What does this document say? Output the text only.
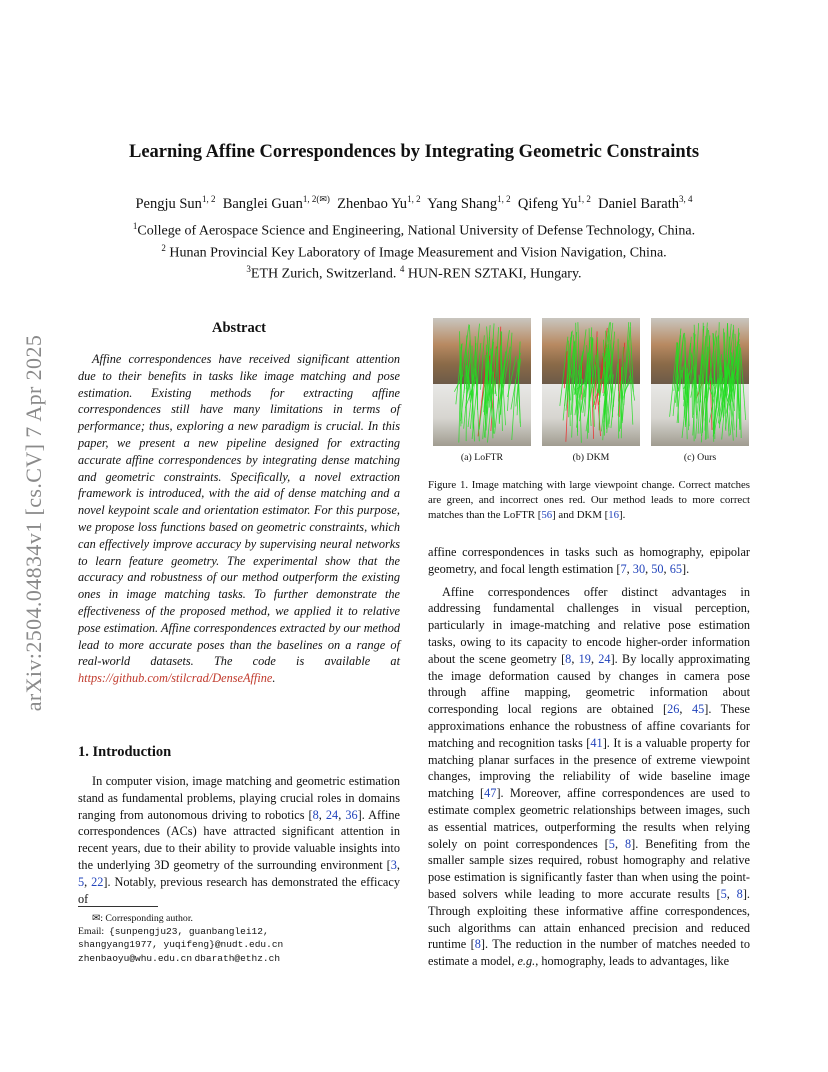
arXiv:2504.04834v1 [cs.CV] 7 Apr 2025
Learning Affine Correspondences by Integrating Geometric Constraints
Pengju Sun$^{1, 2}$ Banglei Guan$^{1, 2(✉)}$ Zhenbao Yu$^{1, 2}$ Yang Shang$^{1, 2}$ Qifeng Yu$^{1, 2}$ Daniel Barath$^{3, 4}$
$^1$College of Aerospace Science and Engineering, National University of Defense Technology, China.
$^2$ Hunan Provincial Key Laboratory of Image Measurement and Vision Navigation, China.
$^3$ETH Zurich, Switzerland. $^4$ HUN-REN SZTAKI, Hungary.
Abstract
Affine correspondences have received significant attention due to their benefits in tasks like image matching and pose estimation. Existing methods for extracting affine correspondences still have many limitations in terms of performance; thus, exploring a new paradigm is crucial. In this paper, we present a new pipeline designed for extracting accurate affine correspondences by integrating dense matching and geometric constraints. Specifically, a novel extraction framework is introduced, with the aid of dense matching and a novel keypoint scale and orientation estimator. For this purpose, we propose loss functions based on geometric constraints, which can effectively improve accuracy by supervising neural networks to learn feature geometry. The experimental show that the accuracy and robustness of our method outperform the existing ones in image matching tasks. To further demonstrate the effectiveness of the proposed method, we applied it to relative pose estimation. Affine correspondences extracted by our method lead to more accurate poses than the baselines on a range of real-world datasets. The code is available at https://github.com/stilcrad/DenseAffine.
1. Introduction
In computer vision, image matching and geometric estimation stand as fundamental problems, playing crucial roles in domains ranging from autonomous driving to robotics [8, 24, 36]. Affine correspondences (ACs) have attracted significant attention in recent years, due to their ability to provide valuable insights into the underlying 3D geometry of the surrounding environment [3, 5, 22]. Notably, previous research has demonstrated the efficacy of
✉: Corresponding author.
Email: {sunpengju23, guanbanglei12,
shangyang1977, yuqifeng}@nudt.edu.cn
zhenbaoyu@whu.edu.cn dbarath@ethz.ch
(a) LoFTR	(b) DKM	(c) Ours
Figure 1. Image matching with large viewpoint change. Correct matches are green, and incorrect ones red. Our method leads to more correct matches than the LoFTR [56] and DKM [16].

affine correspondences in tasks such as homography, epipolar geometry, and focal length estimation [7, 30, 50, 65].

Affine correspondences offer distinct advantages in addressing fundamental challenges in visual perception, particularly in image-matching and relative pose estimation tasks, owing to its capacity to encode higher-order information about the scene geometry [8, 19, 24]. By locally approximating the image deformation caused by changes in camera pose through affine mapping, geometric information about corresponding local regions are obtained [26, 45]. These approximations enhance the robustness of affine covariants for matching and recognition tasks [41]. It is a valuable property for matching planar surfaces in the presence of extreme viewpoint changes, improving the reliability of wide baseline image matching [47]. Moreover, affine correspondences are used to estimate complex geometric relationships between images, such as essential matrices, outperforming the results when relying solely on point correspondences [5, 8]. Benefiting from the smaller sample sizes required, robust homography and relative pose estimation is significantly faster than when using the point-based solvers while leading to more accurate results [5, 8]. Through exploiting these informative affine correspondences, such algorithms can attain enhanced precision and reduced runtime [8]. The reduction in the number of matches needed to estimate a model, e.g., homography, leads to advantages, like
